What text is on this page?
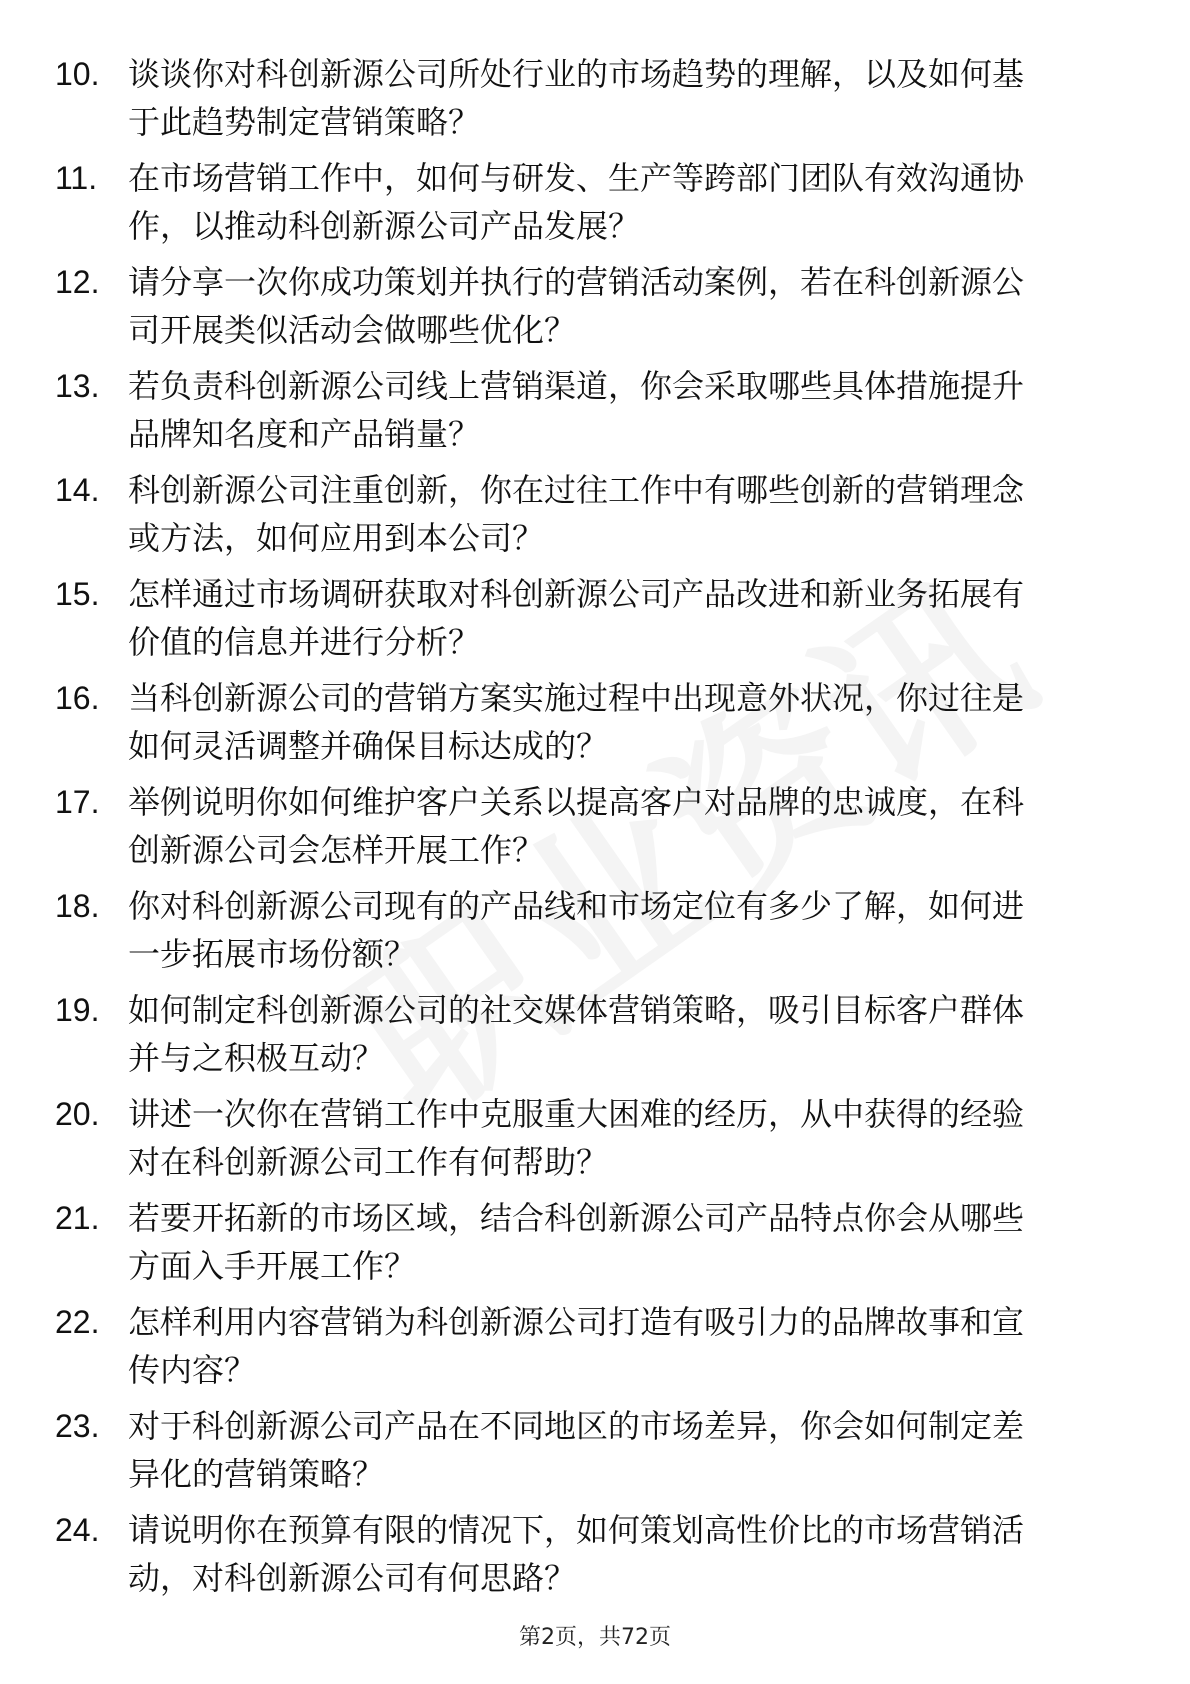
10. 谈谈你对科创新源公司所处行业的市场趋势的理解，以及如何基
于此趋势制定营销策略？
11. 在市场营销工作中，如何与研发、生产等跨部门团队有效沟通协
作，以推动科创新源公司产品发展？
12. 请分享一次你成功策划并执行的营销活动案例，若在科创新源公
司开展类似活动会做哪些优化？
13. 若负责科创新源公司线上营销渠道，你会采取哪些具体措施提升
品牌知名度和产品销量？
14. 科创新源公司注重创新，你在过往工作中有哪些创新的营销理念
或方法，如何应用到本公司？
15. 怎样通过市场调研获取对科创新源公司产品改进和新业务拓展有
价值的信息并进行分析？
16. 当科创新源公司的营销方案实施过程中出现意外状况，你过往是
如何灵活调整并确保目标达成的？
17. 举例说明你如何维护客户关系以提高客户对品牌的忠诚度，在科
创新源公司会怎样开展工作？
18. 你对科创新源公司现有的产品线和市场定位有多少了解，如何进
一步拓展市场份额？
19. 如何制定科创新源公司的社交媒体营销策略，吸引目标客户群体
并与之积极互动？
20. 讲述一次你在营销工作中克服重大困难的经历，从中获得的经验
对在科创新源公司工作有何帮助？
21. 若要开拓新的市场区域，结合科创新源公司产品特点你会从哪些
方面入手开展工作？
22. 怎样利用内容营销为科创新源公司打造有吸引力的品牌故事和宣
传内容？
23. 对于科创新源公司产品在不同地区的市场差异，你会如何制定差
异化的营销策略？
24. 请说明你在预算有限的情况下，如何策划高性价比的市场营销活
动，对科创新源公司有何思路？
第2页，共72页
